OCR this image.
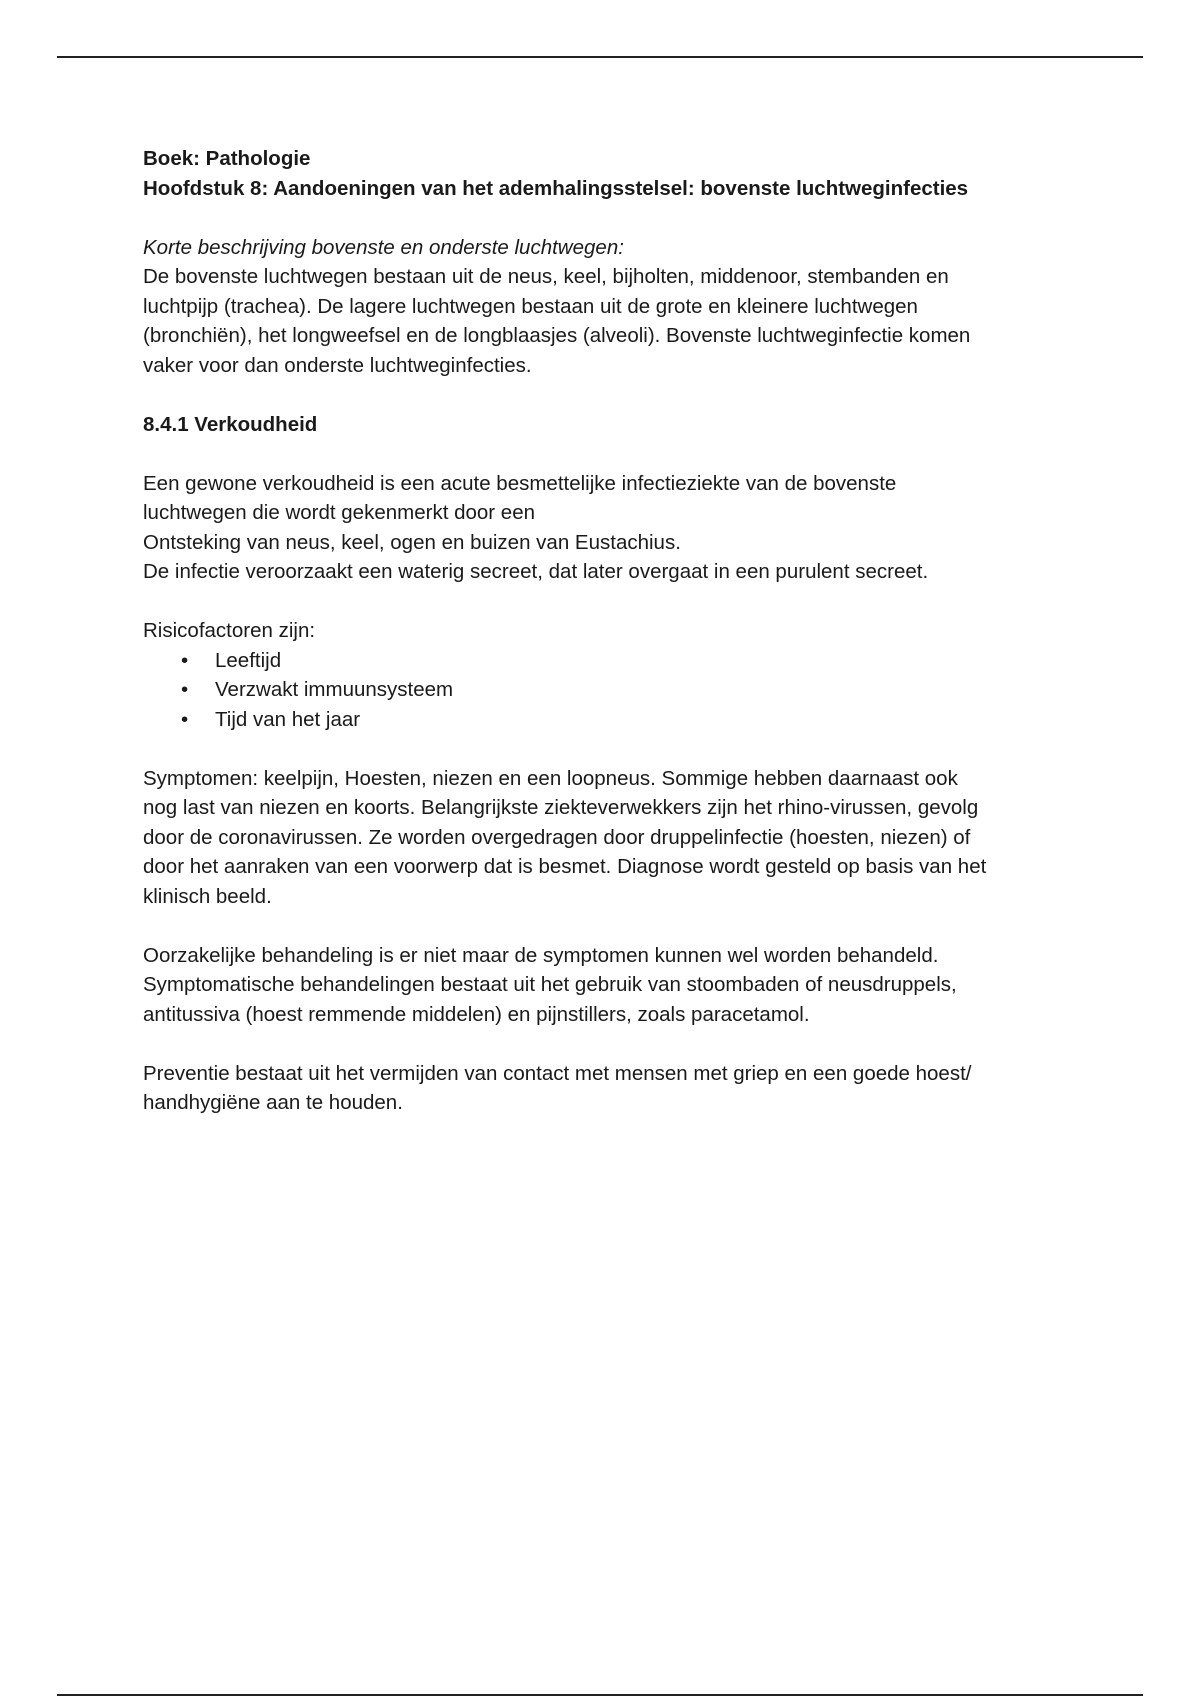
Boek: Pathologie

Hoofdstuk 8: Aandoeningen van het ademhalingsstelsel: bovenste luchtweginfecties

Korte beschrijving bovenste en onderste luchtwegen:

De bovenste luchtwegen bestaan uit de neus, keel, bijholten, middenoor, stembanden en

luchtpijp (trachea). De lagere luchtwegen bestaan uit de grote en kleinere luchtwegen

(bronchiën), het longweefsel en de longblaasjes (alveoli). Bovenste luchtweginfectie komen

vaker voor dan onderste luchtweginfecties.

8.4.1 Verkoudheid

Een gewone verkoudheid is een acute besmettelijke infectieziekte van de bovenste

luchtwegen die wordt gekenmerkt door een

Ontsteking van neus, keel, ogen en buizen van Eustachius.

De infectie veroorzaakt een waterig secreet, dat later overgaat in een purulent secreet.

Risicofactoren zijn:

• Leeftijd
• Verzwakt immuunsysteem
• Tijd van het jaar

Symptomen: keelpijn, Hoesten, niezen en een loopneus. Sommige hebben daarnaast ook

nog last van niezen en koorts. Belangrijkste ziekteverwekkers zijn het rhino-virussen, gevolg

door de coronavirussen. Ze worden overgedragen door druppelinfectie (hoesten, niezen) of

door het aanraken van een voorwerp dat is besmet. Diagnose wordt gesteld op basis van het

klinisch beeld.

Oorzakelijke behandeling is er niet maar de symptomen kunnen wel worden behandeld.

Symptomatische behandelingen bestaat uit het gebruik van stoombaden of neusdruppels,

antitussiva (hoest remmende middelen) en pijnstillers, zoals paracetamol.

Preventie bestaat uit het vermijden van contact met mensen met griep en een goede hoest/

handhygiëne aan te houden.
